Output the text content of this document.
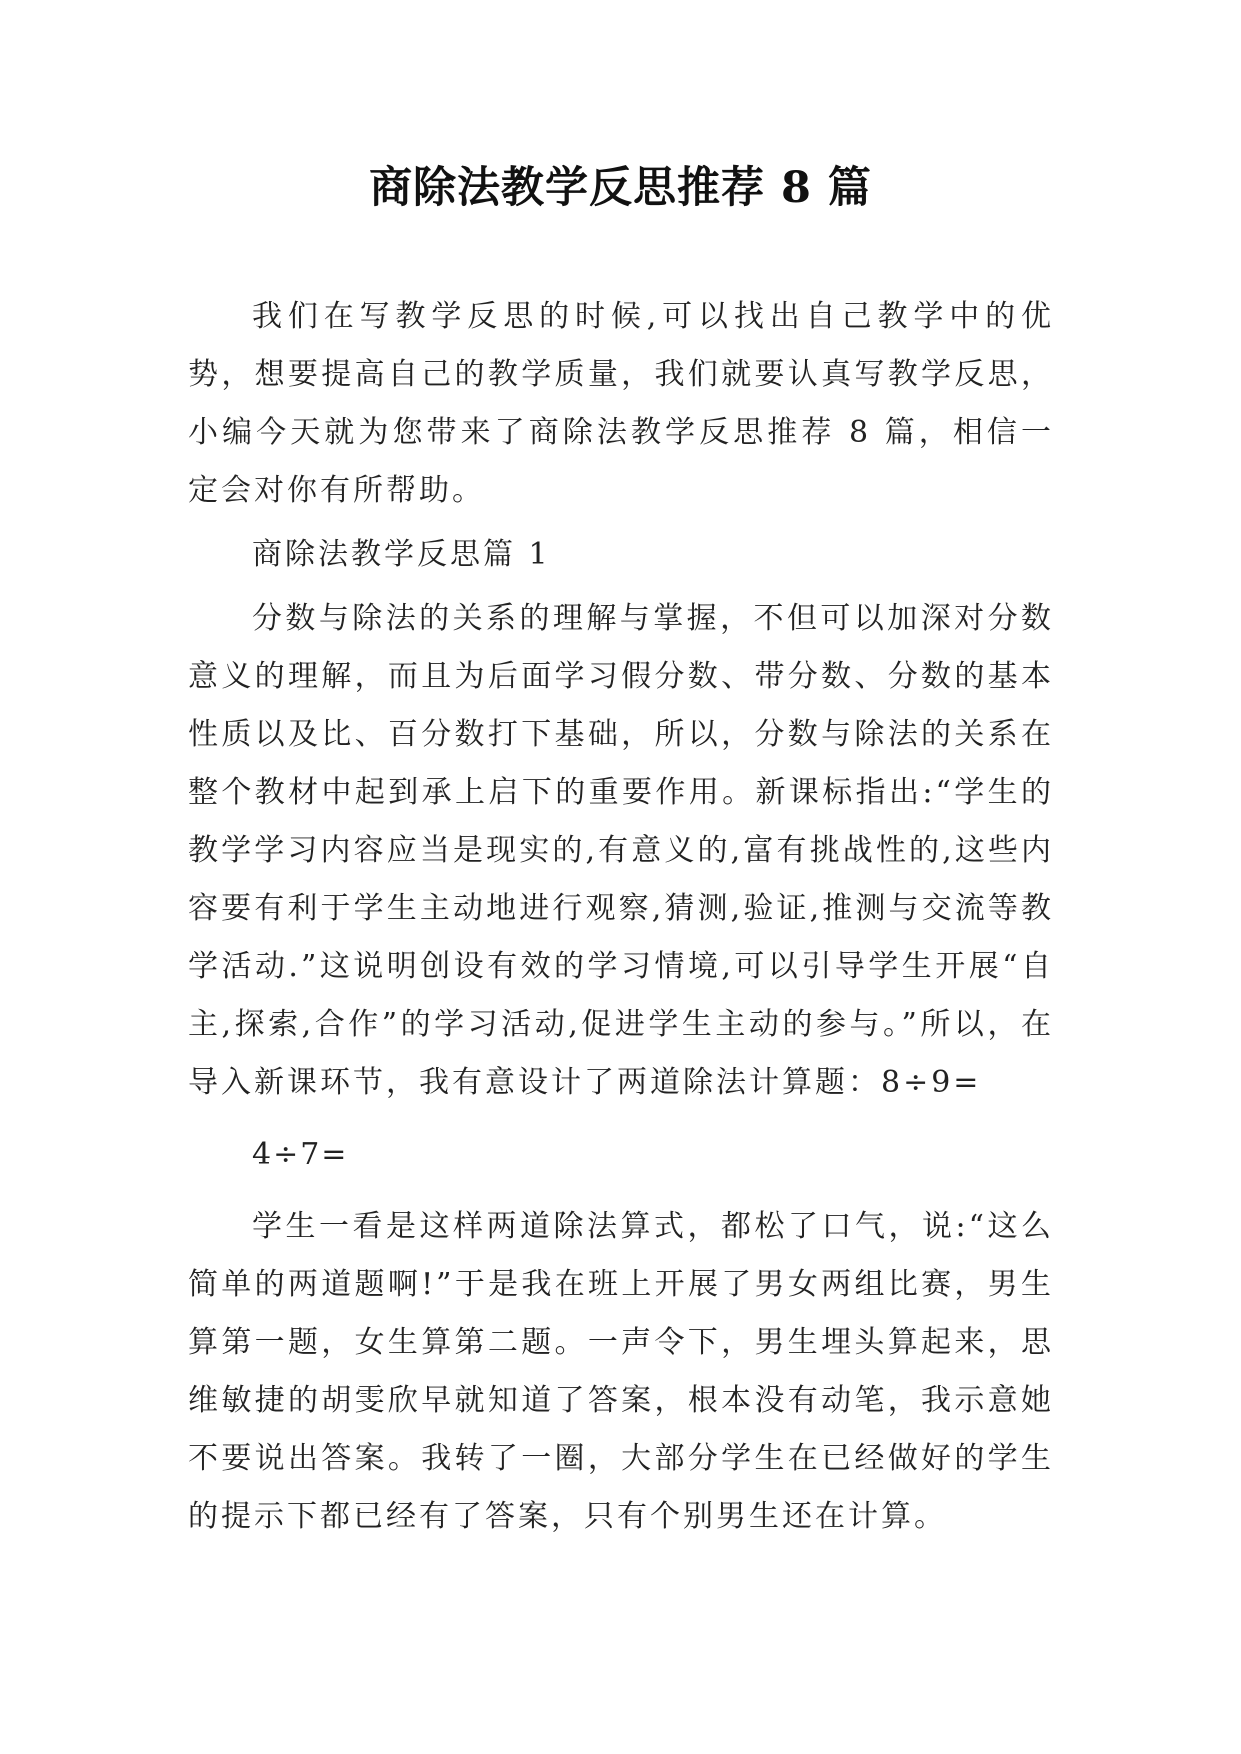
商除法教学反思推荐 8 篇

我们在写教学反思的时候,可以找出自己教学中的优势，想要提高自己的教学质量，我们就要认真写教学反思，小编今天就为您带来了商除法教学反思推荐 8 篇，相信一定会对你有所帮助。

商除法教学反思篇 1

分数与除法的关系的理解与掌握，不但可以加深对分数意义的理解，而且为后面学习假分数、带分数、分数的基本性质以及比、百分数打下基础，所以，分数与除法的关系在整个教材中起到承上启下的重要作用。新课标指出:“学生的教学学习内容应当是现实的,有意义的,富有挑战性的,这些内容要有利于学生主动地进行观察,猜测,验证,推测与交流等教学活动.”这说明创设有效的学习情境,可以引导学生开展“自主,探索,合作”的学习活动,促进学生主动的参与。”所以，在导入新课环节，我有意设计了两道除法计算题：8÷9=

4÷7=

学生一看是这样两道除法算式，都松了口气，说:“这么简单的两道题啊!”于是我在班上开展了男女两组比赛，男生算第一题，女生算第二题。一声令下，男生埋头算起来，思维敏捷的胡雯欣早就知道了答案，根本没有动笔，我示意她不要说出答案。我转了一圈，大部分学生在已经做好的学生的提示下都已经有了答案，只有个别男生还在计算。
